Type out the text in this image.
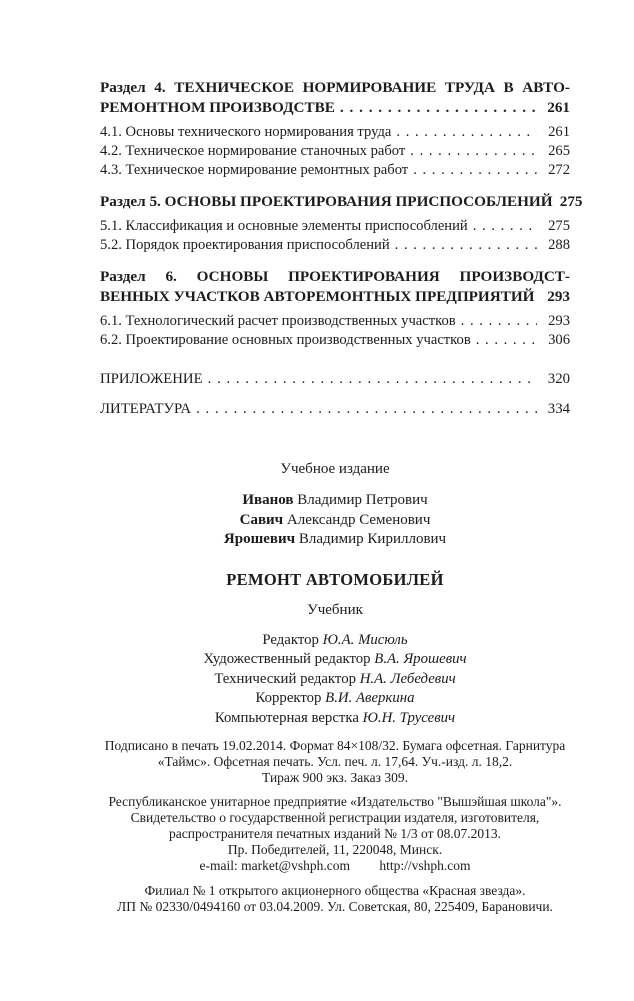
Раздел 4. ТЕХНИЧЕСКОЕ НОРМИРОВАНИЕ ТРУДА В АВТО-
РЕМОНТНОМ ПРОИЗВОДСТВЕ . . .	261
4.1. Основы технического нормирования труда . . .	261
4.2. Техническое нормирование станочных работ . . .	265
4.3. Техническое нормирование ремонтных работ . . .	272
Раздел 5. ОСНОВЫ ПРОЕКТИРОВАНИЯ ПРИСПОСОБЛЕНИЙ 275
5.1. Классификация и основные элементы приспособлений . . .	275
5.2. Порядок проектирования приспособлений . . .	288
Раздел 6. ОСНОВЫ ПРОЕКТИРОВАНИЯ ПРОИЗВОДСТ-
ВЕННЫХ УЧАСТКОВ АВТОРЕМОНТНЫХ ПРЕДПРИЯТИЙ 293
6.1. Технологический расчет производственных участков . . .	293
6.2. Проектирование основных производственных участков . . .	306
ПРИЛОЖЕНИЕ . . .	320
ЛИТЕРАТУРА . . .	334
Учебное издание
Иванов Владимир Петрович
Савич Александр Семенович
Ярошевич Владимир Кириллович
РЕМОНТ АВТОМОБИЛЕЙ
Учебник
Редактор Ю.А. Мисюль
Художественный редактор В.А. Ярошевич
Технический редактор Н.А. Лебедевич
Корректор В.И. Аверкина
Компьютерная верстка Ю.Н. Трусевич
Подписано в печать 19.02.2014. Формат 84×108/32. Бумага офсетная. Гарнитура
«Таймс». Офсетная печать. Усл. печ. л. 17,64. Уч.-изд. л. 18,2.
Тираж 900 экз. Заказ 309.
Республиканское унитарное предприятие «Издательство "Вышэйшая школа"».
Свидетельство о государственной регистрации издателя, изготовителя,
распространителя печатных изданий № 1/3 от 08.07.2013.
Пр. Победителей, 11, 220048, Минск.
e-mail: market@vshph.com http://vshph.com
Филиал № 1 открытого акционерного общества «Красная звезда».
ЛП № 02330/0494160 от 03.04.2009. Ул. Советская, 80, 225409, Барановичи.
